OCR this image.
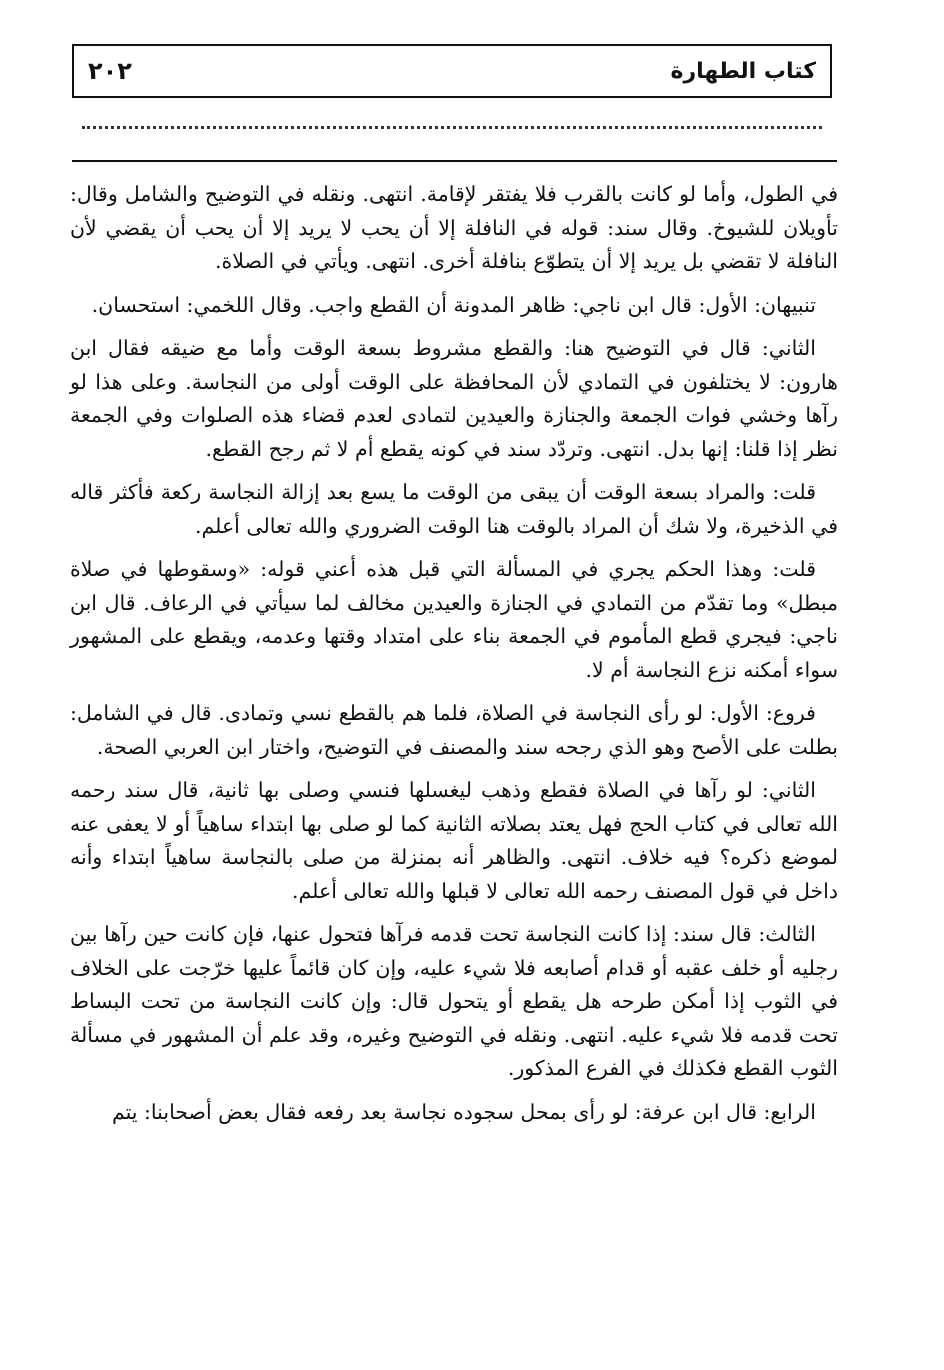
كتاب الطهارة
٢٠٢

في الطول، وأما لو كانت بالقرب فلا يفتقر لإقامة. انتهى. ونقله في التوضيح والشامل وقال: تأويلان للشيوخ. وقال سند: قوله في النافلة إلا أن يحب لا يريد إلا أن يحب أن يقضي لأن النافلة لا تقضي بل يريد إلا أن يتطوّع بنافلة أخرى. انتهى. ويأتي في الصلاة.

تنبيهان: الأول: قال ابن ناجي: ظاهر المدونة أن القطع واجب. وقال اللخمي: استحسان.

الثاني: قال في التوضيح هنا: والقطع مشروط بسعة الوقت وأما مع ضيقه فقال ابن هارون: لا يختلفون في التمادي لأن المحافظة على الوقت أولى من النجاسة. وعلى هذا لو رآها وخشي فوات الجمعة والجنازة والعيدين لتمادى لعدم قضاء هذه الصلوات وفي الجمعة نظر إذا قلنا: إنها بدل. انتهى. وتردّد سند في كونه يقطع أم لا ثم رجح القطع.

قلت: والمراد بسعة الوقت أن يبقى من الوقت ما يسع بعد إزالة النجاسة ركعة فأكثر قاله في الذخيرة، ولا شك أن المراد بالوقت هنا الوقت الضروري والله تعالى أعلم.

قلت: وهذا الحكم يجري في المسألة التي قبل هذه أعني قوله: «وسقوطها في صلاة مبطل» وما تقدّم من التمادي في الجنازة والعيدين مخالف لما سيأتي في الرعاف. قال ابن ناجي: فيجري قطع المأموم في الجمعة بناء على امتداد وقتها وعدمه، ويقطع على المشهور سواء أمكنه نزع النجاسة أم لا.

فروع: الأول: لو رأى النجاسة في الصلاة، فلما هم بالقطع نسي وتمادى. قال في الشامل: بطلت على الأصح وهو الذي رجحه سند والمصنف في التوضيح، واختار ابن العربي الصحة.

الثاني: لو رآها في الصلاة فقطع وذهب ليغسلها فنسي وصلى بها ثانية، قال سند رحمه الله تعالى في كتاب الحج فهل يعتد بصلاته الثانية كما لو صلى بها ابتداء ساهياً أو لا يعفى عنه لموضع ذكره؟ فيه خلاف. انتهى. والظاهر أنه بمنزلة من صلى بالنجاسة ساهياً ابتداء وأنه داخل في قول المصنف رحمه الله تعالى لا قبلها والله تعالى أعلم.

الثالث: قال سند: إذا كانت النجاسة تحت قدمه فرآها فتحول عنها، فإن كانت حين رآها بين رجليه أو خلف عقبه أو قدام أصابعه فلا شيء عليه، وإن كان قائماً عليها خرّجت على الخلاف في الثوب إذا أمكن طرحه هل يقطع أو يتحول قال: وإن كانت النجاسة من تحت البساط تحت قدمه فلا شيء عليه. انتهى. ونقله في التوضيح وغيره، وقد علم أن المشهور في مسألة الثوب القطع فكذلك في الفرع المذكور.

الرابع: قال ابن عرفة: لو رأى بمحل سجوده نجاسة بعد رفعه فقال بعض أصحابنا: يتم
